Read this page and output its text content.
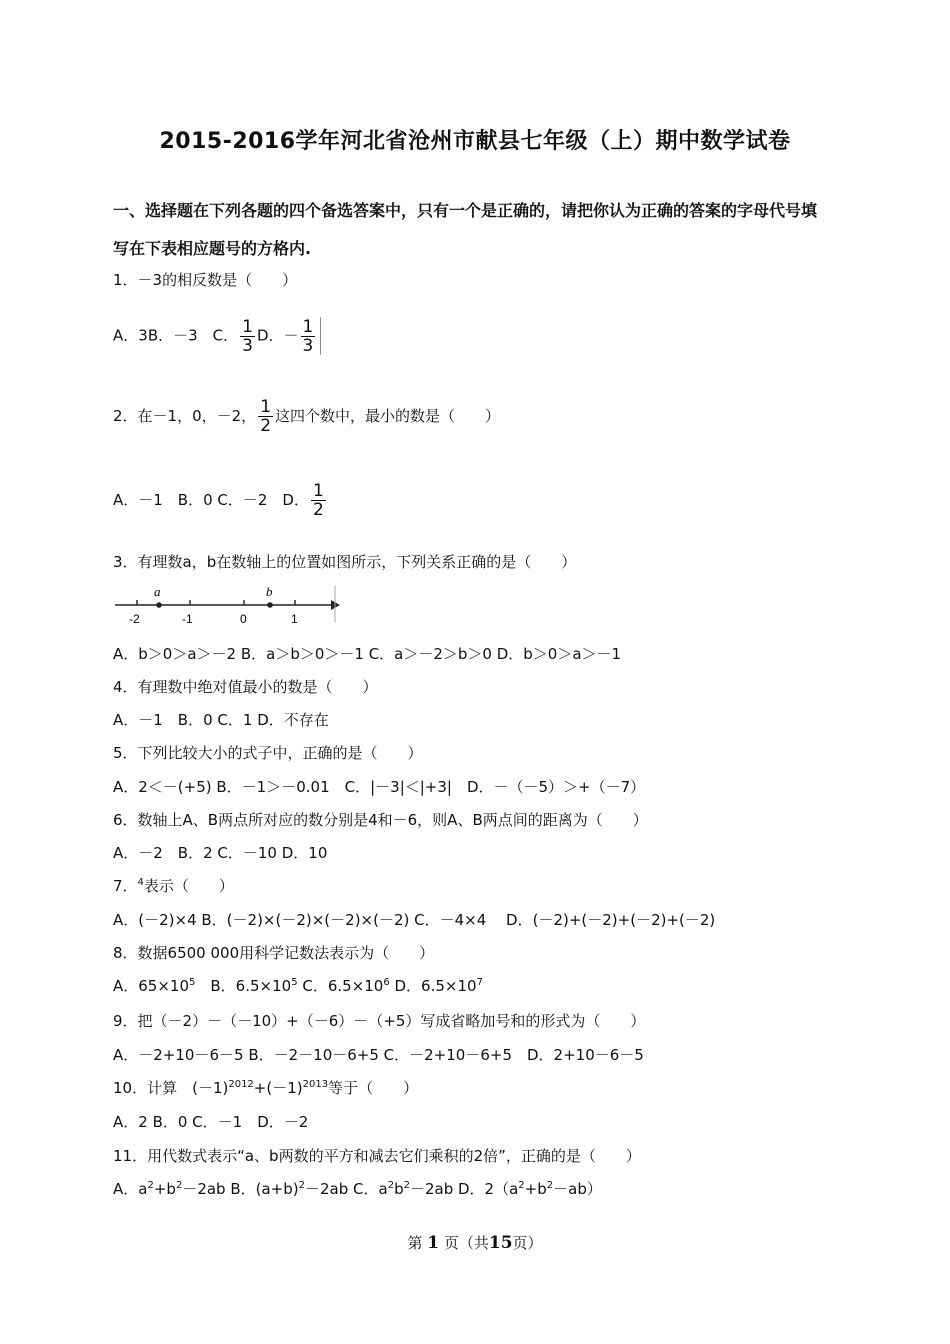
2015-2016学年河北省沧州市献县七年级（上）期中数学试卷
一、选择题在下列各题的四个备选答案中，只有一个是正确的，请把你认为正确的答案的字母代号填
写在下表相应题号的方格内.
1．－3的相反数是（　　）
A．3B．－3　 C． $\frac{1}{3}$ D．－ $\frac{1}{3}$
2．在－1，0，－2， $\frac{1}{2}$ 这四个数中，最小的数是（　　）
A．－1　B．0 C．－2　D． $\frac{1}{2}$
3．有理数a，b在数轴上的位置如图所示，下列关系正确的是（　　）
a	b
-2	-1	0	1
A．b＞0＞a＞－2 B．a＞b＞0＞－1 C．a＞－2＞b＞0 D．b＞0＞a＞－1
4．有理数中绝对值最小的数是（　　）
A．－1　B．0 C．1 D．不存在
5．下列比较大小的式子中，正确的是（　　）
A．2＜－(+5) B．－1＞－0.01　C．|－3|＜|+3|　D．－（－5）＞+（－7）
6．数轴上A、B两点所对应的数分别是4和－6，则A、B两点间的距离为（　　）
A．－2　B．2 C．－10 D．10
7．$^4$表示（　　）
A．(－2)×4 B．(－2)×(－2)×(－2)×(－2) C．－4×4　 D．(－2)+(－2)+(－2)+(－2)
8．数据6500 000用科学记数法表示为（　　）
A．$65\times 10^5$　B．$6.5\times 10^5$ C．$6.5\times 10^6$ D．$6.5\times 10^7$
9．把（－2）－（－10）+（－6）－（+5）写成省略加号和的形式为（　　）
A．－2+10－6－5 B．－2－10－6+5 C．－2+10－6+5　D．2+10－6－5
10．计算　$(-1)^{2012}+(-1)^{2013}$等于（　　）
A．2 B．0 C．－1　D．－2
11．用代数式表示“a、b两数的平方和减去它们乘积的2倍”，正确的是（　　）
A．$a^2+b^2-2ab$ B．$(a+b)^2-2ab$ C．$a^2b^2-2ab$ D．$2(a^2+b^2-ab)$
第 1 页（共15页）
